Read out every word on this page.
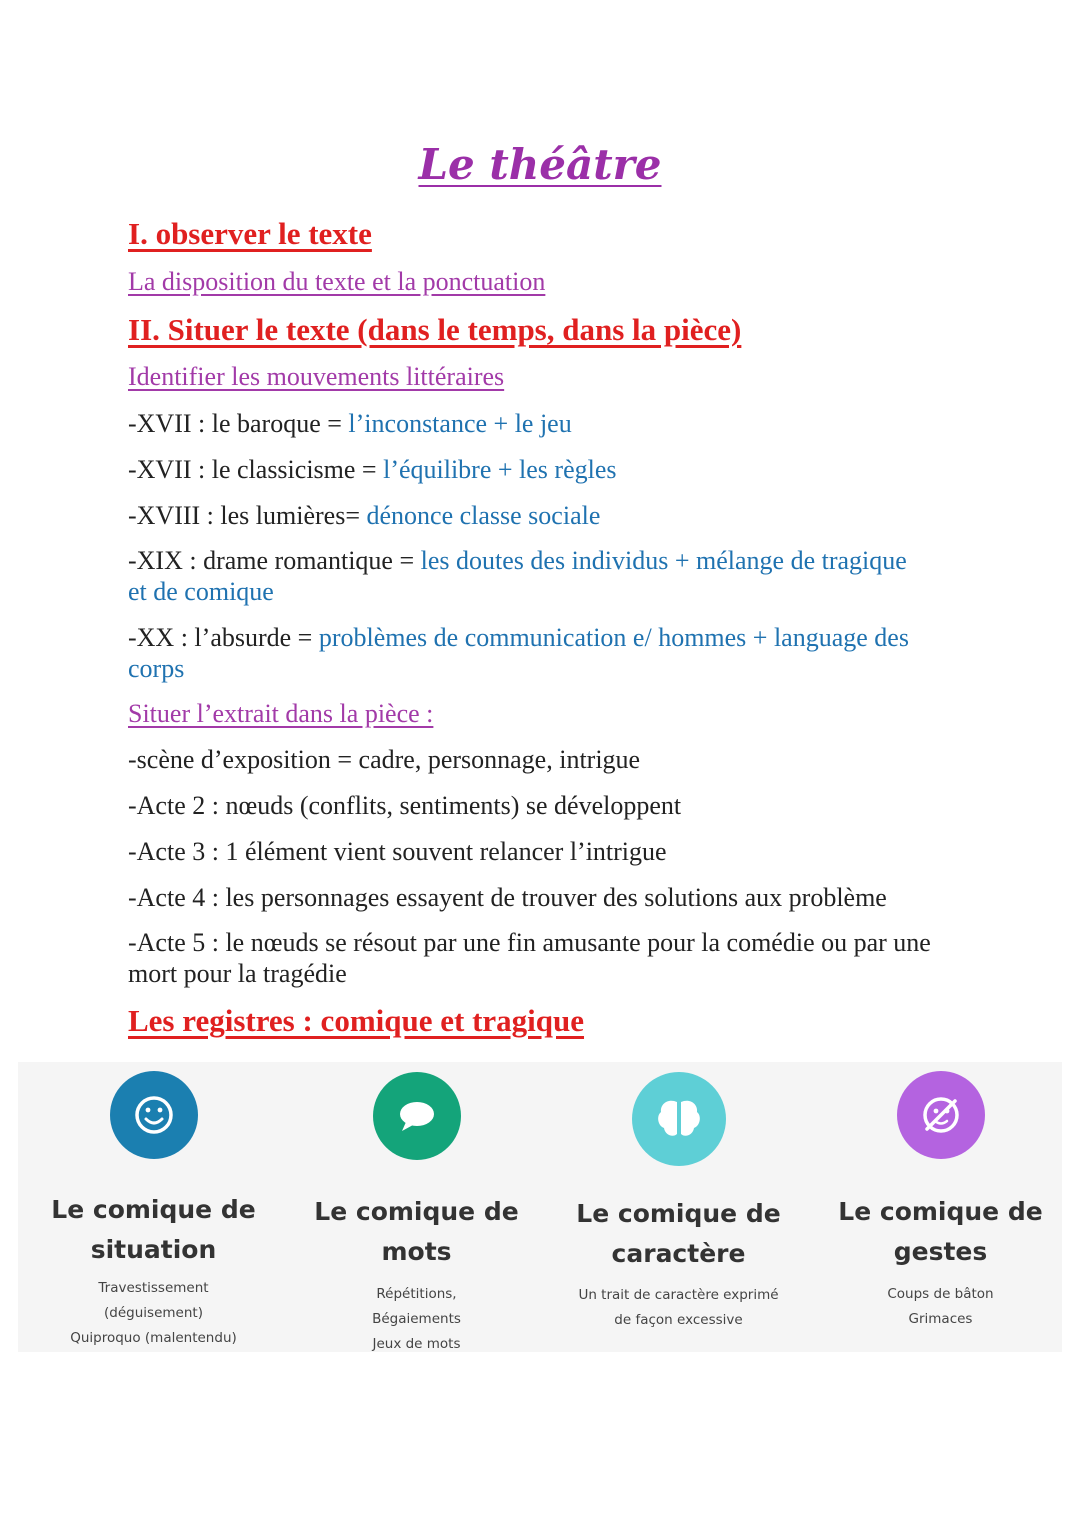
Le théâtre
I. observer le texte
La disposition du texte et la ponctuation
II. Situer le texte (dans le temps, dans la pièce)
Identifier les mouvements littéraires
-XVII : le baroque = l’inconstance + le jeu
-XVII : le classicisme = l’équilibre + les règles
-XVIII : les lumières= dénonce classe sociale
-XIX : drame romantique = les doutes des individus + mélange de tragique et de comique
-XX : l’absurde = problèmes de communication e/ hommes + language des corps
Situer l’extrait dans la pièce :
-scène d’exposition = cadre, personnage, intrigue
-Acte 2 : nœuds (conflits, sentiments) se développent
-Acte 3 : 1 élément vient souvent relancer l’intrigue
-Acte 4 : les personnages essayent de trouver des solutions aux problème
-Acte 5 : le nœuds se résout par une fin amusante pour la comédie ou par une mort pour la tragédie
Les registres : comique et tragique
Le comique de
situation
Travestissement
(déguisement)
Quiproquo (malentendu)
Le comique de
mots
Répétitions,
Bégaiements
Jeux de mots
Le comique de
caractère
Un trait de caractère exprimé
de façon excessive
Le comique de
gestes
Coups de bâton
Grimaces
